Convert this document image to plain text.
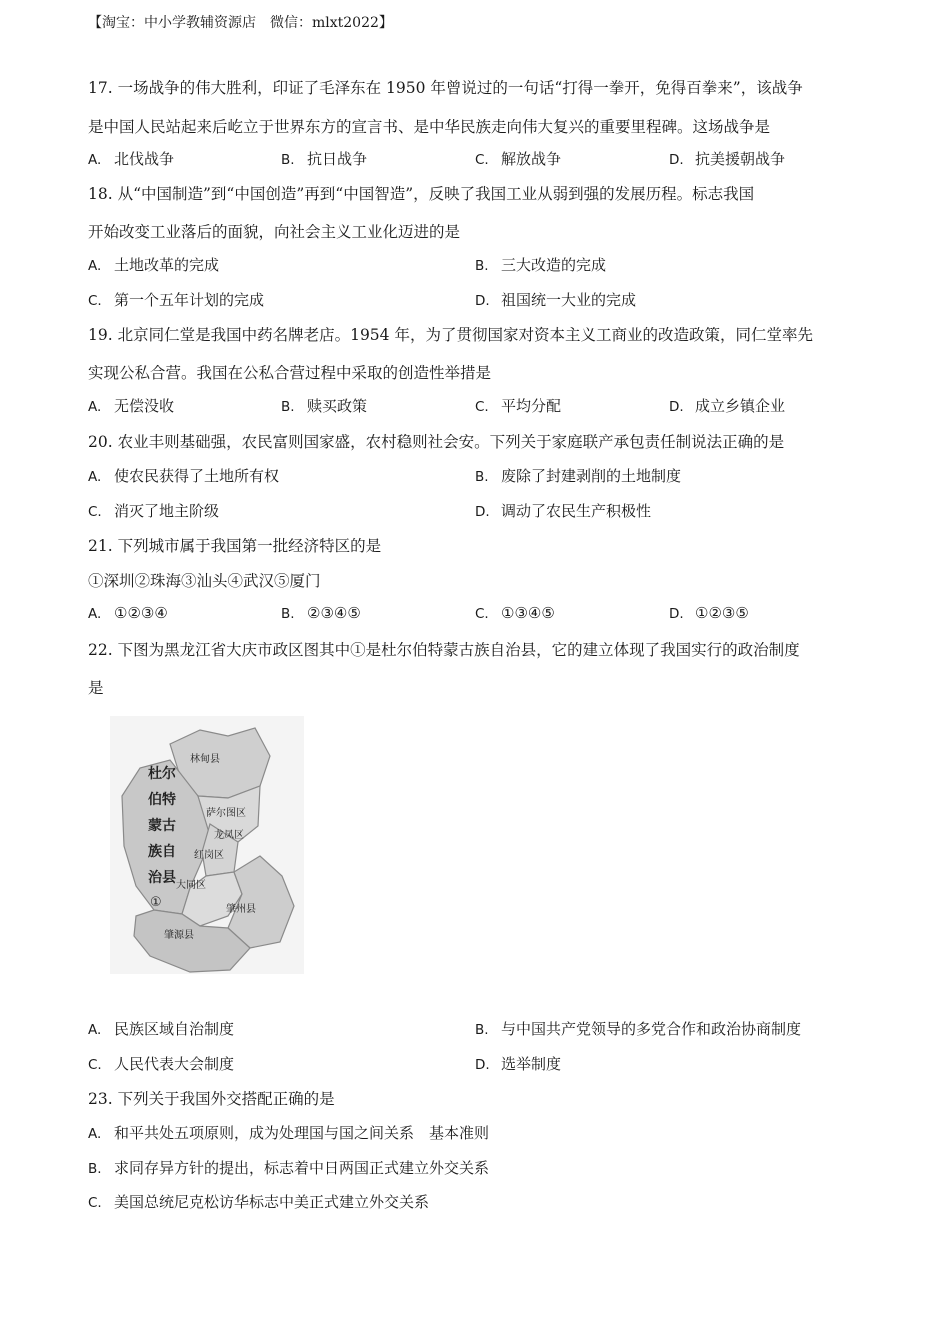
【淘宝：中小学教辅资源店　微信：mlxt2022】
17. 一场战争的伟大胜利，印证了毛泽东在 1950 年曾说过的一句话“打得一拳开，免得百拳来”，该战争
是中国人民站起来后屹立于世界东方的宣言书、是中华民族走向伟大复兴的重要里程碑。这场战争是
A. 北伐战争	B. 抗日战争	C. 解放战争	D. 抗美援朝战争
18. 从“中国制造”到“中国创造”再到“中国智造”，反映了我国工业从弱到强的发展历程。标志我国
开始改变工业落后的面貌，向社会主义工业化迈进的是
A. 土地改革的完成	B. 三大改造的完成
C. 第一个五年计划的完成	D. 祖国统一大业的完成
19. 北京同仁堂是我国中药名牌老店。1954 年，为了贯彻国家对资本主义工商业的改造政策，同仁堂率先
实现公私合营。我国在公私合营过程中采取的创造性举措是
A. 无偿没收	B. 赎买政策	C. 平均分配	D. 成立乡镇企业
20. 农业丰则基础强，农民富则国家盛，农村稳则社会安。下列关于家庭联产承包责任制说法正确的是
A. 使农民获得了土地所有权	B. 废除了封建剥削的土地制度
C. 消灭了地主阶级	D. 调动了农民生产积极性
21. 下列城市属于我国第一批经济特区的是
①深圳②珠海③汕头④武汉⑤厦门
A. ①②③④	B. ②③④⑤	C. ①③④⑤	D. ①②③⑤
22. 下图为黑龙江省大庆市政区图其中①是杜尔伯特蒙古族自治县，它的建立体现了我国实行的政治制度
是
林甸县
杜尔
伯特
蒙古
族自
治县
①
萨尔图区
龙凤区
红岗区
大同区
肇州县
肇源县
A. 民族区域自治制度	B. 与中国共产党领导的多党合作和政治协商制度
C. 人民代表大会制度	D. 选举制度
23. 下列关于我国外交搭配正确的是
A. 和平共处五项原则，成为处理国与国之间关系　基本准则
B. 求同存异方针的提出，标志着中日两国正式建立外交关系
C. 美国总统尼克松访华标志中美正式建立外交关系
